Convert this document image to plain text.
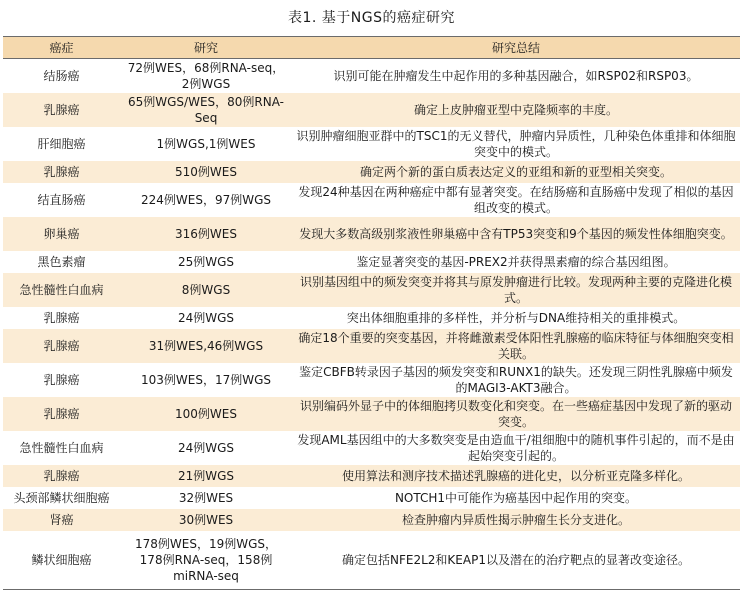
表1. 基于NGS的癌症研究
癌症	研究	研究总结
结肠癌	72例WES，68例RNA-seq，2例WGS	识别可能在肿瘤发生中起作用的多种基因融合，如RSP02和RSP03。
乳腺癌	65例WGS/WES，80例RNA-Seq	确定上皮肿瘤亚型中克隆频率的丰度。
肝细胞癌	1例WGS,1例WES	识别肿瘤细胞亚群中的TSC1的无义替代，肿瘤内异质性，几种染色体重排和体细胞突变中的模式。
乳腺癌	510例WES	确定两个新的蛋白质表达定义的亚组和新的亚型相关突变。
结直肠癌	224例WES，97例WGS	发现24种基因在两种癌症中都有显著突变。在结肠癌和直肠癌中发现了相似的基因组改变的模式。
卵巢癌	316例WES	发现大多数高级别浆液性卵巢癌中含有TP53突变和9个基因的频发性体细胞突变。
黑色素瘤	25例WGS	鉴定显著突变的基因-PREX2并获得黑素瘤的综合基因组图。
急性髓性白血病	8例WGS	识别基因组中的频发突变并将其与原发肿瘤进行比较。发现两种主要的克隆进化模式。
乳腺癌	24例WGS	突出体细胞重排的多样性，并分析与DNA维持相关的重排模式。
乳腺癌	31例WES,46例WGS	确定18个重要的突变基因，并将雌激素受体阳性乳腺癌的临床特征与体细胞突变相关联。
乳腺癌	103例WES，17例WGS	鉴定CBFB转录因子基因的频发突变和RUNX1的缺失。还发现三阴性乳腺癌中频发的MAGI3-AKT3融合。
乳腺癌	100例WES	识别编码外显子中的体细胞拷贝数变化和突变。在一些癌症基因中发现了新的驱动突变。
急性髓性白血病	24例WGS	发现AML基因组中的大多数突变是由造血干/祖细胞中的随机事件引起的，而不是由起始突变引起的。
乳腺癌	21例WGS	使用算法和测序技术描述乳腺癌的进化史，以分析亚克隆多样化。
头颈部鳞状细胞癌	32例WES	NOTCH1中可能作为癌基因中起作用的突变。
肾癌	30例WES	检查肿瘤内异质性揭示肿瘤生长分支进化。
鳞状细胞癌	178例WES，19例WGS，178例RNA-seq，158例miRNA-seq	确定包括NFE2L2和KEAP1以及潜在的治疗靶点的显著改变途径。
